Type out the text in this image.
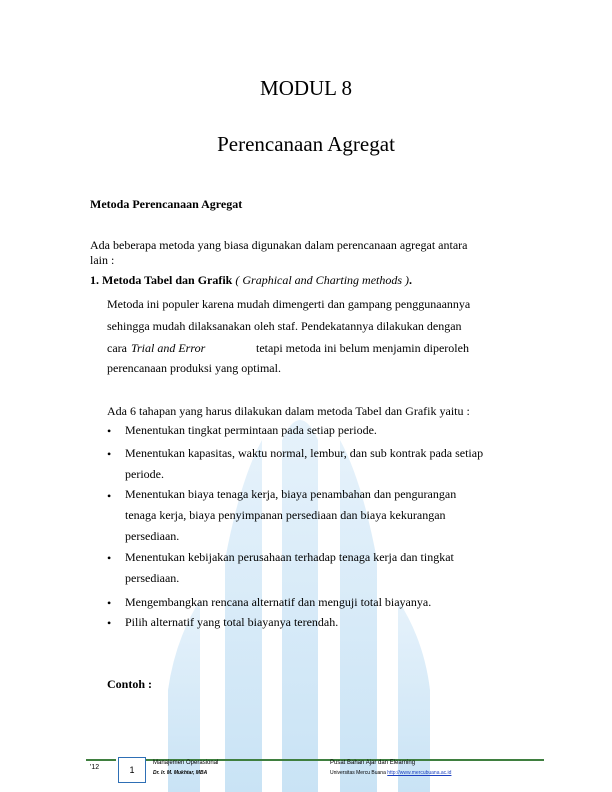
MODUL 8
Perencanaan Agregat
Metoda Perencanaan Agregat
Ada beberapa metoda yang biasa digunakan dalam perencanaan agregat antara
lain :
1. Metoda Tabel dan Grafik ( Graphical and Charting methods ).
Metoda ini populer karena mudah dimengerti dan gampang penggunaannya
sehingga mudah dilaksanakan oleh staf. Pendekatannya dilakukan dengan
cara Trial and Error	tetapi metoda ini belum menjamin diperoleh
perencanaan produksi yang optimal.
Ada 6 tahapan yang harus dilakukan dalam metoda Tabel dan Grafik yaitu :
• Menentukan tingkat permintaan pada setiap periode.
• Menentukan kapasitas, waktu normal, lembur, dan sub kontrak pada setiap periode.
• Menentukan biaya tenaga kerja, biaya penambahan dan pengurangan tenaga kerja, biaya penyimpanan persediaan dan biaya kekurangan persediaan.
• Menentukan kebijakan perusahaan terhadap tenaga kerja dan tingkat persediaan.
• Mengembangkan rencana alternatif dan menguji total biayanya.
• Pilih alternatif yang total biayanya terendah.
Contoh :
'12	1
Manajemen Operasional
Dr. Ir. M. Mukhtar, MBA
Pusat Bahan Ajar dan Elearning
Universitas Mercu Buana http://www.mercubuana.ac.id
